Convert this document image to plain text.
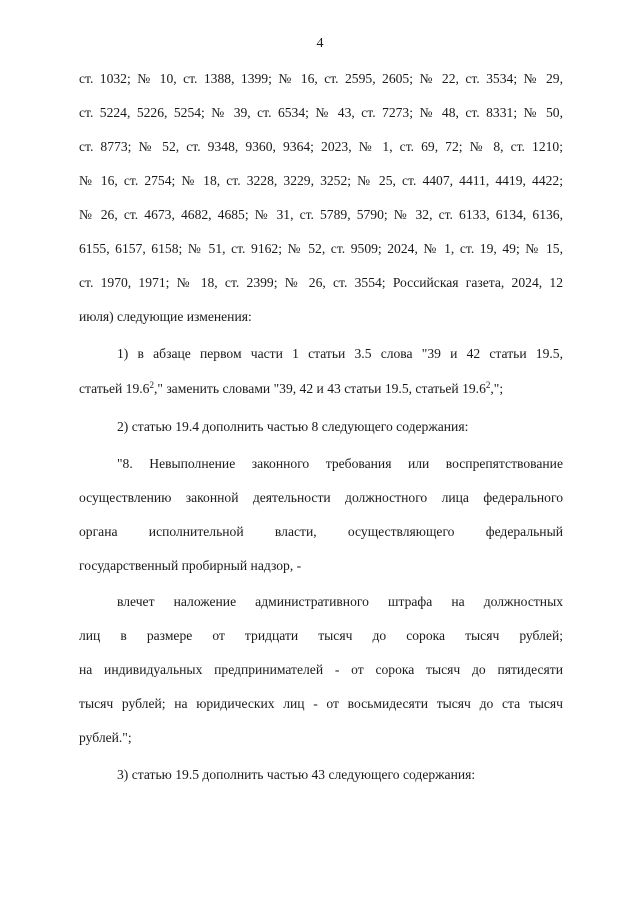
4
ст. 1032; № 10, ст. 1388, 1399; № 16, ст. 2595, 2605; № 22, ст. 3534; № 29,
ст. 5224, 5226, 5254; № 39, ст. 6534; № 43, ст. 7273; № 48, ст. 8331; № 50,
ст. 8773; № 52, ст. 9348, 9360, 9364; 2023, № 1, ст. 69, 72; № 8, ст. 1210;
№ 16, ст. 2754; № 18, ст. 3228, 3229, 3252; № 25, ст. 4407, 4411, 4419, 4422;
№ 26, ст. 4673, 4682, 4685; № 31, ст. 5789, 5790; № 32, ст. 6133, 6134, 6136,
6155, 6157, 6158; № 51, ст. 9162; № 52, ст. 9509; 2024, № 1, ст. 19, 49; № 15,
ст. 1970, 1971; № 18, ст. 2399; № 26, ст. 3554; Российская газета, 2024, 12
июля) следующие изменения:
1) в абзаце первом части 1 статьи 3.5 слова "39 и 42 статьи 19.5,
статьей 19.6$^2$," заменить словами "39, 42 и 43 статьи 19.5, статьей 19.6$^2$,";
2) статью 19.4 дополнить частью 8 следующего содержания:
"8. Невыполнение законного требования или воспрепятствование
осуществлению законной деятельности должностного лица федерального
органа исполнительной власти, осуществляющего федеральный
государственный пробирный надзор, -
влечет наложение административного штрафа на должностных
лиц в размере от тридцати тысяч до сорока тысяч рублей;
на индивидуальных предпринимателей - от сорока тысяч до пятидесяти
тысяч рублей; на юридических лиц - от восьмидесяти тысяч до ста тысяч
рублей.";
3) статью 19.5 дополнить частью 43 следующего содержания:
